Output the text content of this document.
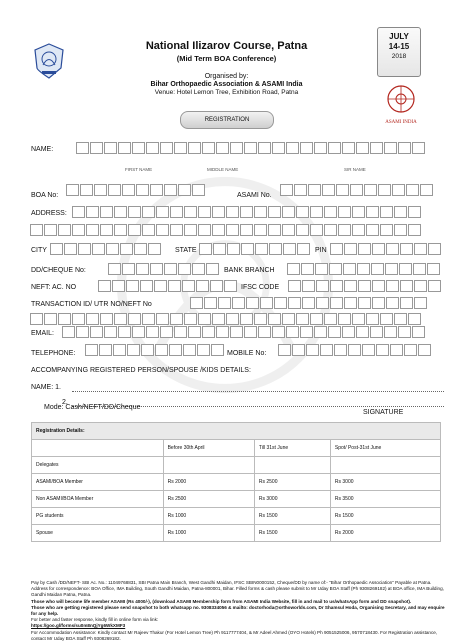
National Ilizarov Course, Patna
(Mid Term BOA Conference)
Organised by:
Bihar Orthopaedic Association & ASAMI India
Venue: Hotel Lemon Tree, Exhibition Road, Patna
JULY
14-15
2018
ASAMI INDIA
REGISTRATION
NAME:
FIRST NAME	MIDDLE NAME	SIR NAME
BOA No:	ASAMI No.
ADDRESS:
CITY	STATE	PIN
DD/CHEQUE No:	BANK BRANCH
NEFT: AC. NO	IFSC CODE
TRANSACTION ID/ UTR NO/NEFT No
EMAIL:
TELEPHONE:	MOBILE No:
ACCOMPANYING REGISTERED PERSON/SPOUSE /KIDS DETAILS:
NAME: 1.
2.
Mode: Cash/NEFT/DD/Cheque
SIGNATURE
Registration Details:			
	Before 30th April	Till 31st June	Spot/ Post-31st June
Delegates			
ASAMI/BOA Member	Rs 2000	Rs 2500	Rs 3000
Non ASAMI/BOA Member	Rs 2500	Rs 3000	Rs 3500
PG students	Rs 1000	Rs 1500	Rs 1500
Spouse	Rs 1000	Rs 1500	Rs 2000
Pay by Cash /DD/NEFT- SBI Ac. No.: 11049768831, SBI Patna Main Branch, West Gandhi Maidan, IFSC SBIN0000152, Cheque/DD by name of:- "Bihar Orthopaedic Association" Payable at Patna.
Address for correspondence: BOA Office, IMA Building, South Gandhi Maidan, Patna-800001, Bihar. Filled forms & cash please submit to Mr Uday BOA Staff (Ph 9308269182) at BOA office, IMA Building, Gandhi Maidan Patna, Patna.
Those who will become life member ASAMI (Rs 4000/-), (download ASAMI Membership form from ASAMI India Website, fill in and mail to us/whatsApp form and DD snapshot).
Those who are getting registered please send snapshot to both whatsapp no. 9308334056 & mailto: doctorhoda@orthoworlds.com, Dr Shamsul Hoda, Organising Secretary, and may enquire for any help.
For better and faster response, kindly fill in online form via link:
https://goo.gl/forms/su0m8nQjYg6WkXMF3
For Accommodation Assistance: Kindly contact Mr Rajeev Thakur (For Hotel Lemon Tree) Ph 9117777404, & Mr Adeel Ahmed (OYO Hotels) Ph 9051525006, 9570718430. For Registration assistance, contact Mr Uday BOA Staff Ph 9308269182.
